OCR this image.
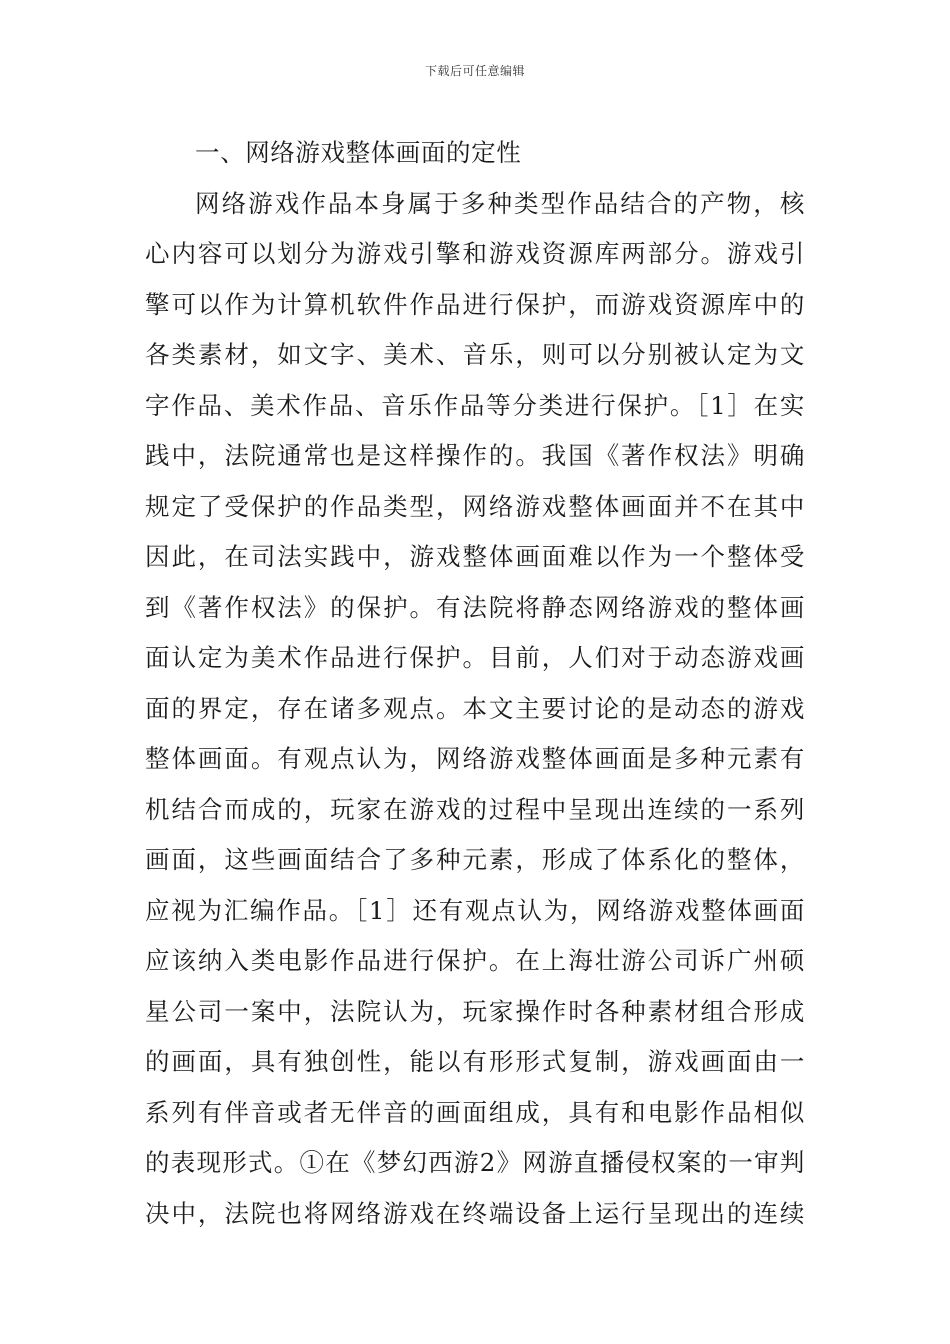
下载后可任意编辑
一、网络游戏整体画面的定性
网络游戏作品本身属于多种类型作品结合的产物，核
心内容可以划分为游戏引擎和游戏资源库两部分。游戏引
擎可以作为计算机软件作品进行保护，而游戏资源库中的
各类素材，如文字、美术、音乐，则可以分别被认定为文
字作品、美术作品、音乐作品等分类进行保护。［1］在实
践中，法院通常也是这样操作的。我国《著作权法》明确
规定了受保护的作品类型，网络游戏整体画面并不在其中
因此，在司法实践中，游戏整体画面难以作为一个整体受
到《著作权法》的保护。有法院将静态网络游戏的整体画
面认定为美术作品进行保护。目前，人们对于动态游戏画
面的界定，存在诸多观点。本文主要讨论的是动态的游戏
整体画面。有观点认为，网络游戏整体画面是多种元素有
机结合而成的，玩家在游戏的过程中呈现出连续的一系列
画面，这些画面结合了多种元素，形成了体系化的整体，
应视为汇编作品。［1］还有观点认为，网络游戏整体画面
应该纳入类电影作品进行保护。在上海壮游公司诉广州硕
星公司一案中，法院认为，玩家操作时各种素材组合形成
的画面，具有独创性，能以有形形式复制，游戏画面由一
系列有伴音或者无伴音的画面组成，具有和电影作品相似
的表现形式。①在《梦幻西游2》网游直播侵权案的一审判
决中，法院也将网络游戏在终端设备上运行呈现出的连续
